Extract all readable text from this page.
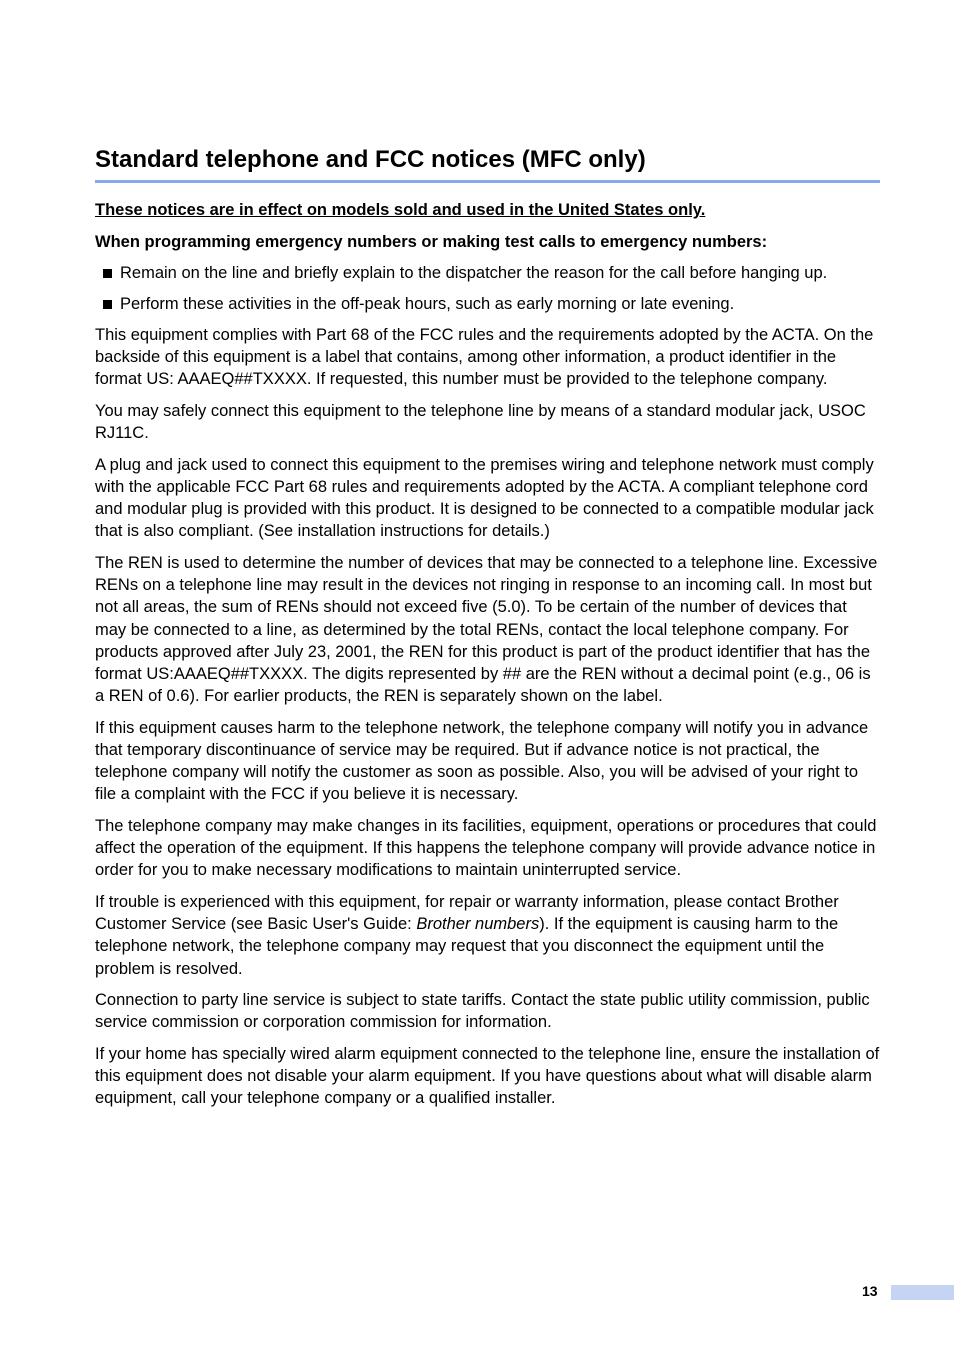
Standard telephone and FCC notices (MFC only)

These notices are in effect on models sold and used in the United States only.

When programming emergency numbers or making test calls to emergency numbers:

Remain on the line and briefly explain to the dispatcher the reason for the call before hanging up.
Perform these activities in the off-peak hours, such as early morning or late evening.

This equipment complies with Part 68 of the FCC rules and the requirements adopted by the ACTA. On the backside of this equipment is a label that contains, among other information, a product identifier in the format US: AAAEQ##TXXXX. If requested, this number must be provided to the telephone company.

You may safely connect this equipment to the telephone line by means of a standard modular jack, USOC RJ11C.

A plug and jack used to connect this equipment to the premises wiring and telephone network must comply with the applicable FCC Part 68 rules and requirements adopted by the ACTA. A compliant telephone cord and modular plug is provided with this product. It is designed to be connected to a compatible modular jack that is also compliant. (See installation instructions for details.)

The REN is used to determine the number of devices that may be connected to a telephone line. Excessive RENs on a telephone line may result in the devices not ringing in response to an incoming call. In most but not all areas, the sum of RENs should not exceed five (5.0). To be certain of the number of devices that may be connected to a line, as determined by the total RENs, contact the local telephone company. For products approved after July 23, 2001, the REN for this product is part of the product identifier that has the format US:AAAEQ##TXXXX. The digits represented by ## are the REN without a decimal point (e.g., 06 is a REN of 0.6). For earlier products, the REN is separately shown on the label.

If this equipment causes harm to the telephone network, the telephone company will notify you in advance that temporary discontinuance of service may be required. But if advance notice is not practical, the telephone company will notify the customer as soon as possible. Also, you will be advised of your right to file a complaint with the FCC if you believe it is necessary.

The telephone company may make changes in its facilities, equipment, operations or procedures that could affect the operation of the equipment. If this happens the telephone company will provide advance notice in order for you to make necessary modifications to maintain uninterrupted service.

If trouble is experienced with this equipment, for repair or warranty information, please contact Brother Customer Service (see Basic User's Guide: Brother numbers). If the equipment is causing harm to the telephone network, the telephone company may request that you disconnect the equipment until the problem is resolved.

Connection to party line service is subject to state tariffs. Contact the state public utility commission, public service commission or corporation commission for information.

If your home has specially wired alarm equipment connected to the telephone line, ensure the installation of this equipment does not disable your alarm equipment. If you have questions about what will disable alarm equipment, call your telephone company or a qualified installer.

13
